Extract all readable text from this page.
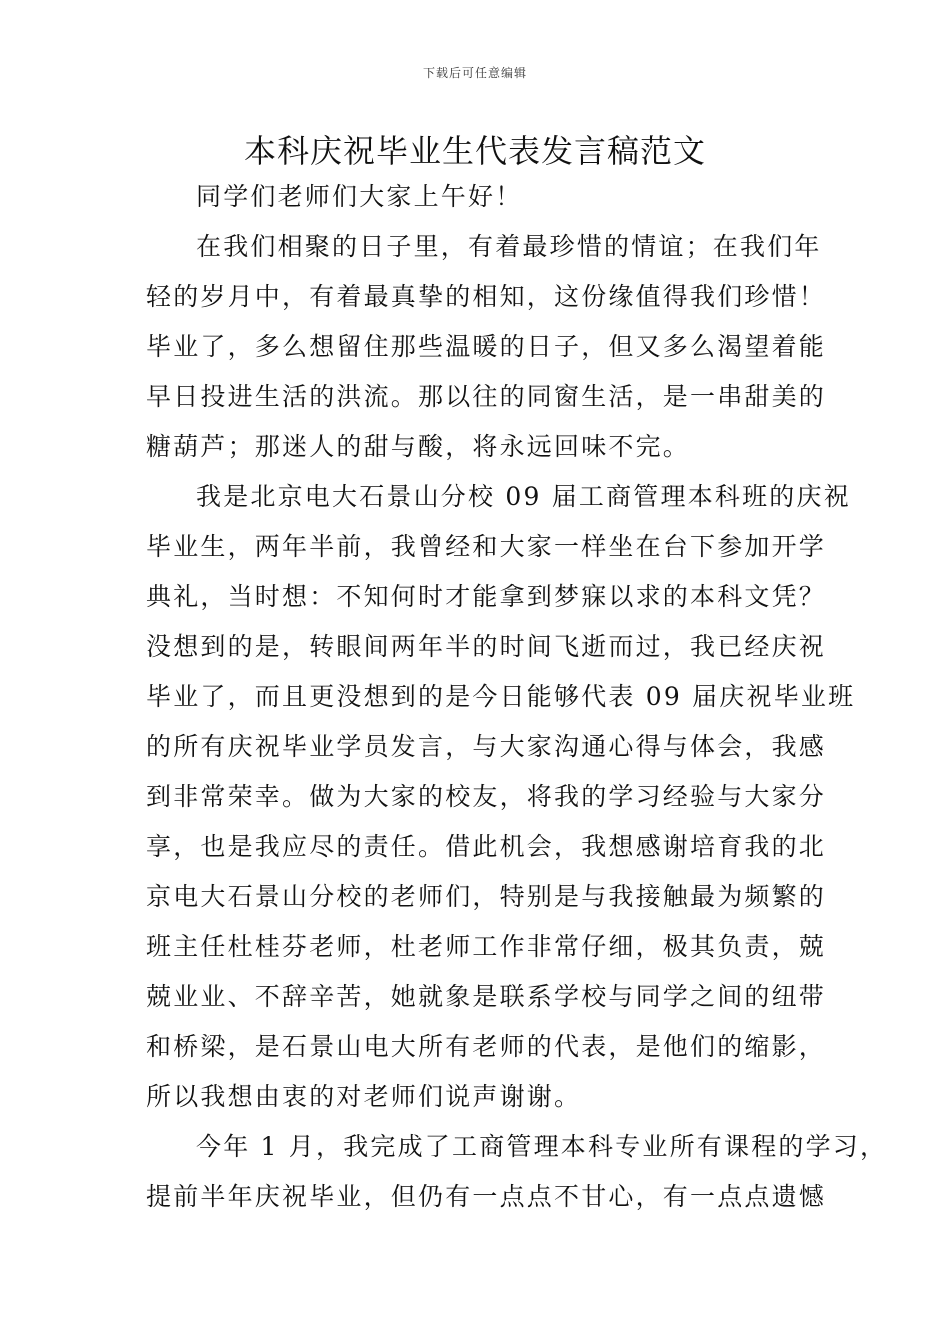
下载后可任意编辑
本科庆祝毕业生代表发言稿范文
同学们老师们大家上午好！
在我们相聚的日子里，有着最珍惜的情谊；在我们年
轻的岁月中，有着最真挚的相知，这份缘值得我们珍惜！
毕业了，多么想留住那些温暖的日子，但又多么渴望着能
早日投进生活的洪流。那以往的同窗生活，是一串甜美的
糖葫芦；那迷人的甜与酸，将永远回味不完。
我是北京电大石景山分校 09 届工商管理本科班的庆祝
毕业生，两年半前，我曾经和大家一样坐在台下参加开学
典礼，当时想：不知何时才能拿到梦寐以求的本科文凭？
没想到的是，转眼间两年半的时间飞逝而过，我已经庆祝
毕业了，而且更没想到的是今日能够代表 09 届庆祝毕业班
的所有庆祝毕业学员发言，与大家沟通心得与体会，我感
到非常荣幸。做为大家的校友，将我的学习经验与大家分
享，也是我应尽的责任。借此机会，我想感谢培育我的北
京电大石景山分校的老师们，特别是与我接触最为频繁的
班主任杜桂芬老师，杜老师工作非常仔细，极其负责，兢
兢业业、不辞辛苦，她就象是联系学校与同学之间的纽带
和桥梁，是石景山电大所有老师的代表，是他们的缩影，
所以我想由衷的对老师们说声谢谢。
今年 1 月，我完成了工商管理本科专业所有课程的学习，
提前半年庆祝毕业，但仍有一点点不甘心，有一点点遗憾
